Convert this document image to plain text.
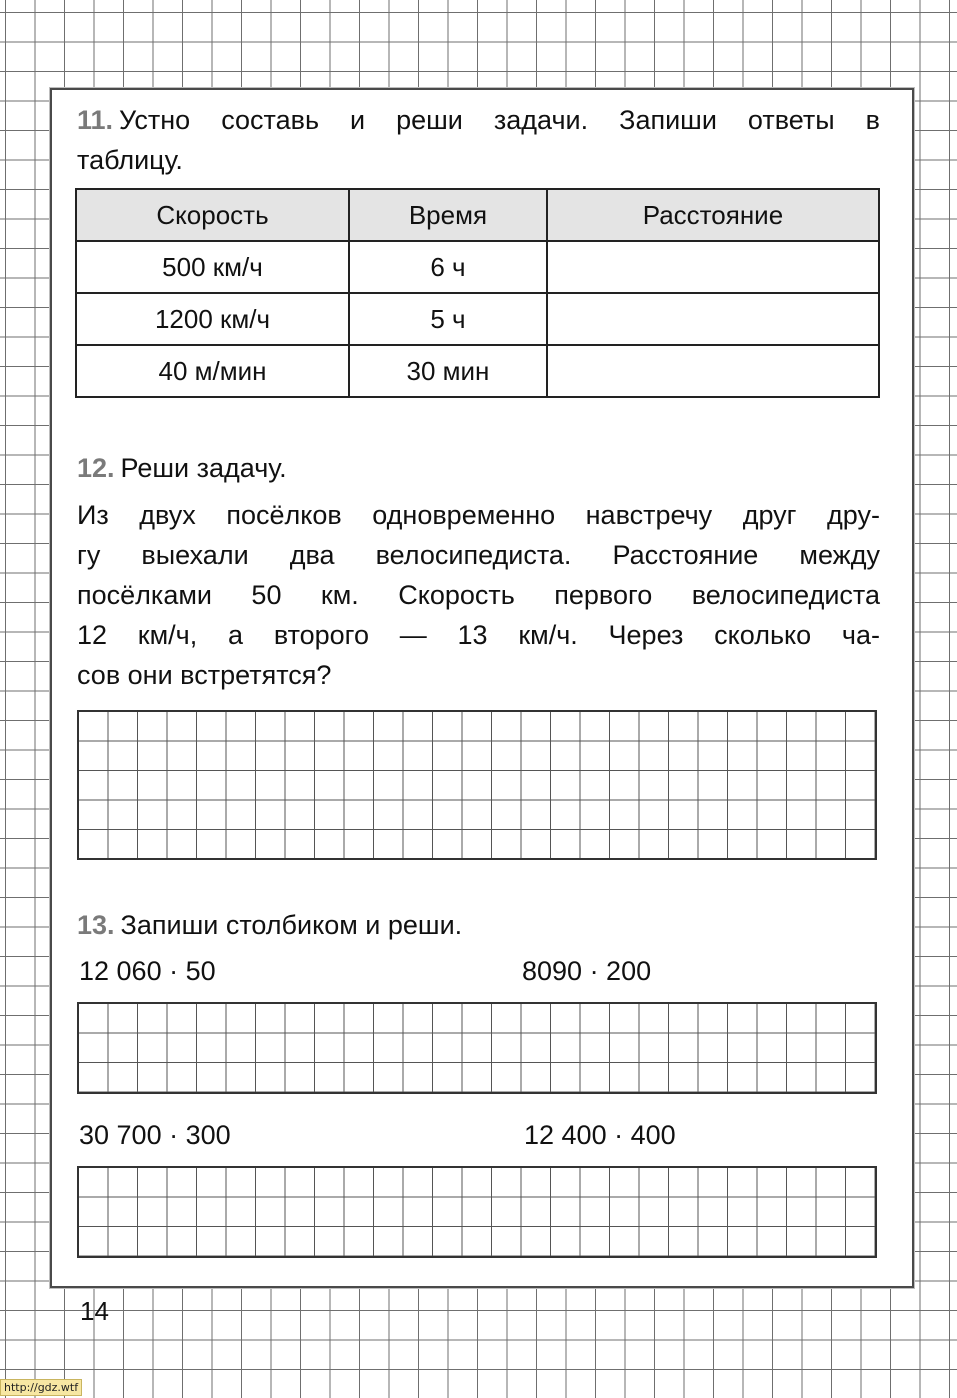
11. Устно составь и реши задачи. Запиши ответы в
таблицу.
Скорость	Время	Расстояние
500 км/ч	6 ч	
1200 км/ч	5 ч	
40 м/мин	30 мин	
12. Реши задачу.
Из двух посёлков одновременно навстречу друг дру-
гу выехали два велосипедиста. Расстояние между
посёлками 50 км. Скорость первого велосипедиста
12 км/ч, а второго — 13 км/ч. Через сколько ча-
сов они встретятся?
13. Запиши столбиком и реши.
12 060 · 50	8090 · 200
30 700 · 300	12 400 · 400
14
http://gdz.wtf
